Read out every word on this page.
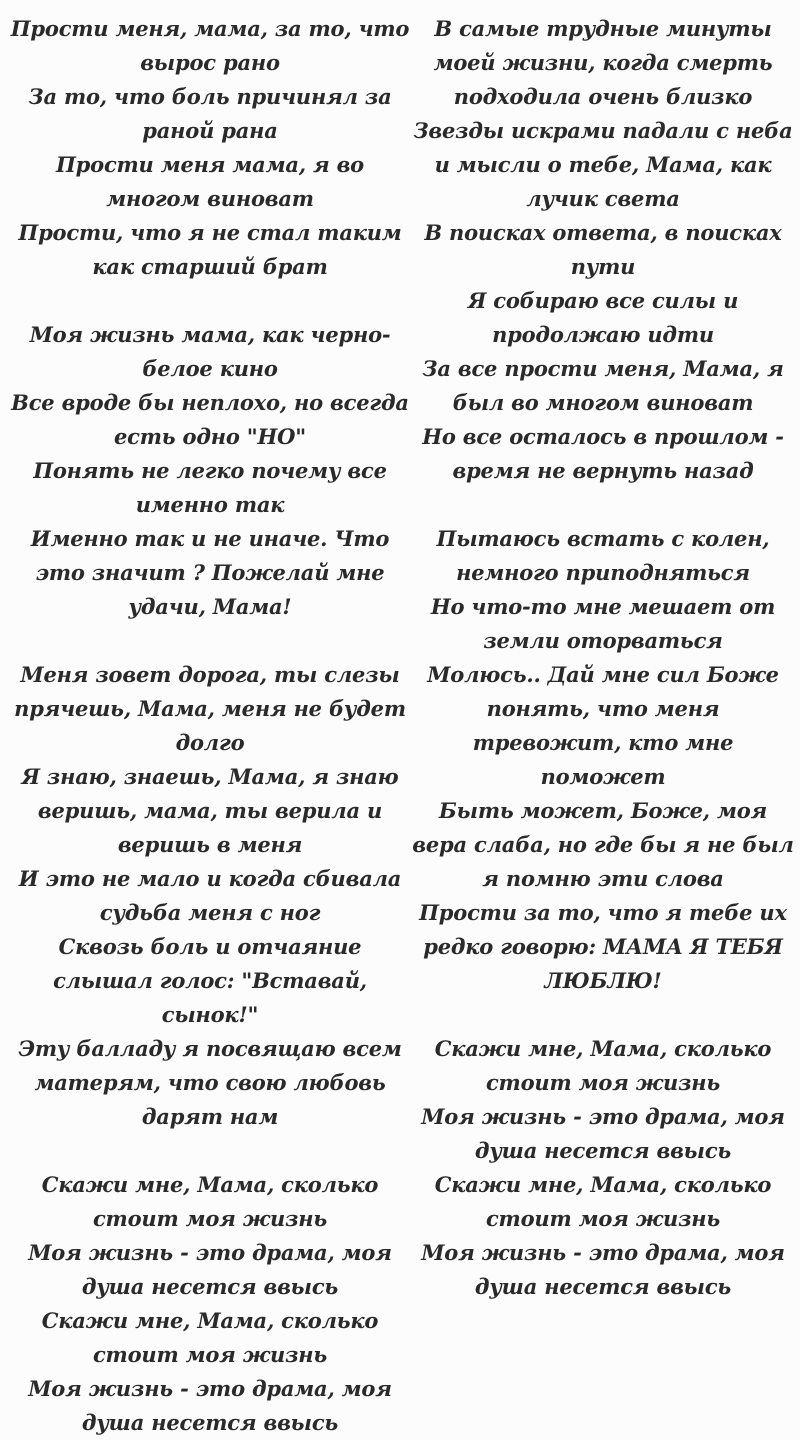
Прости меня, мама, за то, что вырос рано
За то, что боль причинял за раной рана
Прости меня мама, я во многом виноват
Прости, что я не стал таким как старший брат
Моя жизнь мама, как черно-белое кино
Все вроде бы неплохо, но всегда есть одно "НО"
Понять не легко почему все именно так
Именно так и не иначе. Что это значит ? Пожелай мне удачи, Мама!
Меня зовет дорога, ты слезы прячешь, Мама, меня не будет долго
Я знаю, знаешь, Мама, я знаю веришь, мама, ты верила и веришь в меня
И это не мало и когда сбивала судьба меня с ног
Сквозь боль и отчаяние слышал голос: "Вставай, сынок!"
Эту балладу я посвящаю всем матерям, что свою любовь дарят нам
Скажи мне, Мама, сколько стоит моя жизнь
Моя жизнь - это драма, моя душа несется ввысь
Скажи мне, Мама, сколько стоит моя жизнь
Моя жизнь - это драма, моя душа несется ввысь
В самые трудные минуты моей жизни, когда смерть подходила очень близко
Звезды искрами падали с неба и мысли о тебе, Мама, как лучик света
В поисках ответа, в поисках пути
Я собираю все силы и продолжаю идти
За все прости меня, Мама, я был во многом виноват
Но все осталось в прошлом - время не вернуть назад
Пытаюсь встать с колен, немного приподняться
Но что-то мне мешает от земли оторваться
Молюсь.. Дай мне сил Боже понять, что меня тревожит, кто мне поможет
Быть может, Боже, моя вера слаба, но где бы я не был я помню эти слова
Прости за то, что я тебе их редко говорю: МАМА Я ТЕБЯ ЛЮБЛЮ!
Скажи мне, Мама, сколько стоит моя жизнь
Моя жизнь - это драма, моя душа несется ввысь
Скажи мне, Мама, сколько стоит моя жизнь
Моя жизнь - это драма, моя душа несется ввысь
